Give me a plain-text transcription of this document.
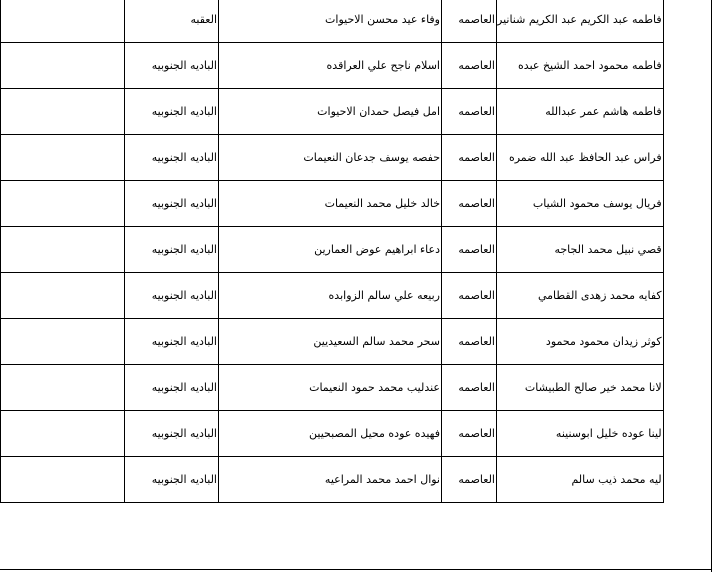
فاطمه عبد الكريم عبد الكريم شنانير	العاصمه	وفاء عيد محسن الاحيوات	العقبه	
فاطمه محمود احمد الشيخ عبده	العاصمه	اسلام ناجح علي العراقده	الباديه الجنوبيه	
فاطمه هاشم عمر عبدالله	العاصمه	امل فيصل حمدان الاحيوات	الباديه الجنوبيه	
فراس عبد الحافظ عبد الله ضمره	العاصمه	حفصه يوسف جدعان النعيمات	الباديه الجنوبيه	
فريال يوسف محمود الشياب	العاصمه	خالد خليل محمد النعيمات	الباديه الجنوبيه	
قصي نبيل محمد الجاجه	العاصمه	دعاء ابراهيم عوض العمارين	الباديه الجنوبيه	
كفايه محمد زهدى القطامي	العاصمه	ربيعه علي سالم الزوابده	الباديه الجنوبيه	
كوثر زيدان محمود محمود	العاصمه	سحر محمد سالم السعيديين	الباديه الجنوبيه	
لانا محمد خير صالح الطبيشات	العاصمه	عندليب محمد حمود النعيمات	الباديه الجنوبيه	
لينا عوده خليل ابوسنينه	العاصمه	فهيده عوده محيل المصبحيين	الباديه الجنوبيه	
ليه محمد ذيب سالم	العاصمه	نوال احمد محمد المراعيه	الباديه الجنوبيه	
